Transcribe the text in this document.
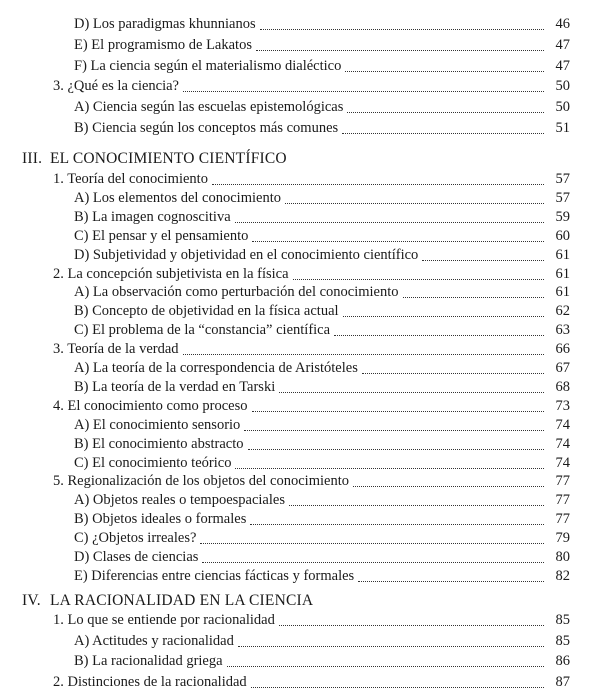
D) Los paradigmas khunnianos	46
E) El programismo de Lakatos	47
F) La ciencia según el materialismo dialéctico	47
3. ¿Qué es la ciencia?	50
A) Ciencia según las escuelas epistemológicas	50
B) Ciencia según los conceptos más comunes	51
III. EL CONOCIMIENTO CIENTÍFICO
1. Teoría del conocimiento	57
A) Los elementos del conocimiento	57
B) La imagen cognoscitiva	59
C) El pensar y el pensamiento	60
D) Subjetividad y objetividad en el conocimiento científico	61
2. La concepción subjetivista en la física	61
A) La observación como perturbación del conocimiento	61
B) Concepto de objetividad en la física actual	62
C) El problema de la “constancia” científica	63
3. Teoría de la verdad	66
A) La teoría de la correspondencia de Aristóteles	67
B) La teoría de la verdad en Tarski	68
4. El conocimiento como proceso	73
A) El conocimiento sensorio	74
B) El conocimiento abstracto	74
C) El conocimiento teórico	74
5. Regionalización de los objetos del conocimiento	77
A) Objetos reales o tempoespaciales	77
B) Objetos ideales o formales	77
C) ¿Objetos irreales?	79
D) Clases de ciencias	80
E) Diferencias entre ciencias fácticas y formales	82
IV. LA RACIONALIDAD EN LA CIENCIA
1. Lo que se entiende por racionalidad	85
A) Actitudes y racionalidad	85
B) La racionalidad griega	86
2. Distinciones de la racionalidad	87
